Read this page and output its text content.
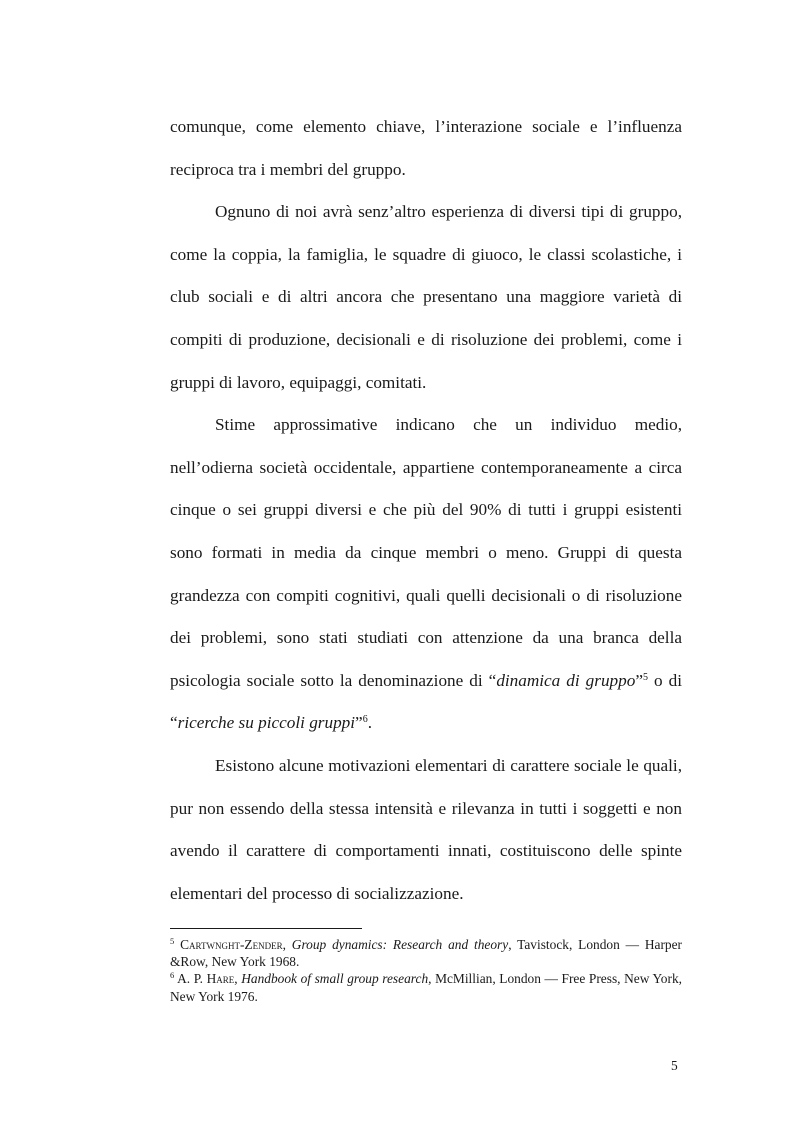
comunque, come elemento chiave, l’interazione sociale e l’influenza reciproca tra i membri del gruppo.

Ognuno di noi avrà senz’altro esperienza di diversi tipi di gruppo, come la coppia, la famiglia, le squadre di giuoco, le classi scolastiche, i club sociali e di altri ancora che presentano una maggiore varietà di compiti di produzione, decisionali e di risoluzione dei problemi, come i gruppi di lavoro, equipaggi, comitati.

Stime approssimative indicano che un individuo medio, nell’odierna società occidentale, appartiene contemporaneamente a circa cinque o sei gruppi diversi e che più del 90% di tutti i gruppi esistenti sono formati in media da cinque membri o meno. Gruppi di questa grandezza con compiti cognitivi, quali quelli decisionali o di risoluzione dei problemi, sono stati studiati con attenzione da una branca della psicologia sociale sotto la denominazione di “dinamica di gruppo”$^5$ o di “ricerche su piccoli gruppi”$^6$.

Esistono alcune motivazioni elementari di carattere sociale le quali, pur non essendo della stessa intensità e rilevanza in tutti i soggetti e non avendo il carattere di comportamenti innati, costituiscono delle spinte elementari del processo di socializzazione.

$^5$ Cartwnght-Zender, Group dynamics: Research and theory, Tavistock, London — Harper &Row, New York 1968.

$^6$ A. P. Hare, Handbook of small group research, McMillian, London — Free Press, New York, New York 1976.

5
